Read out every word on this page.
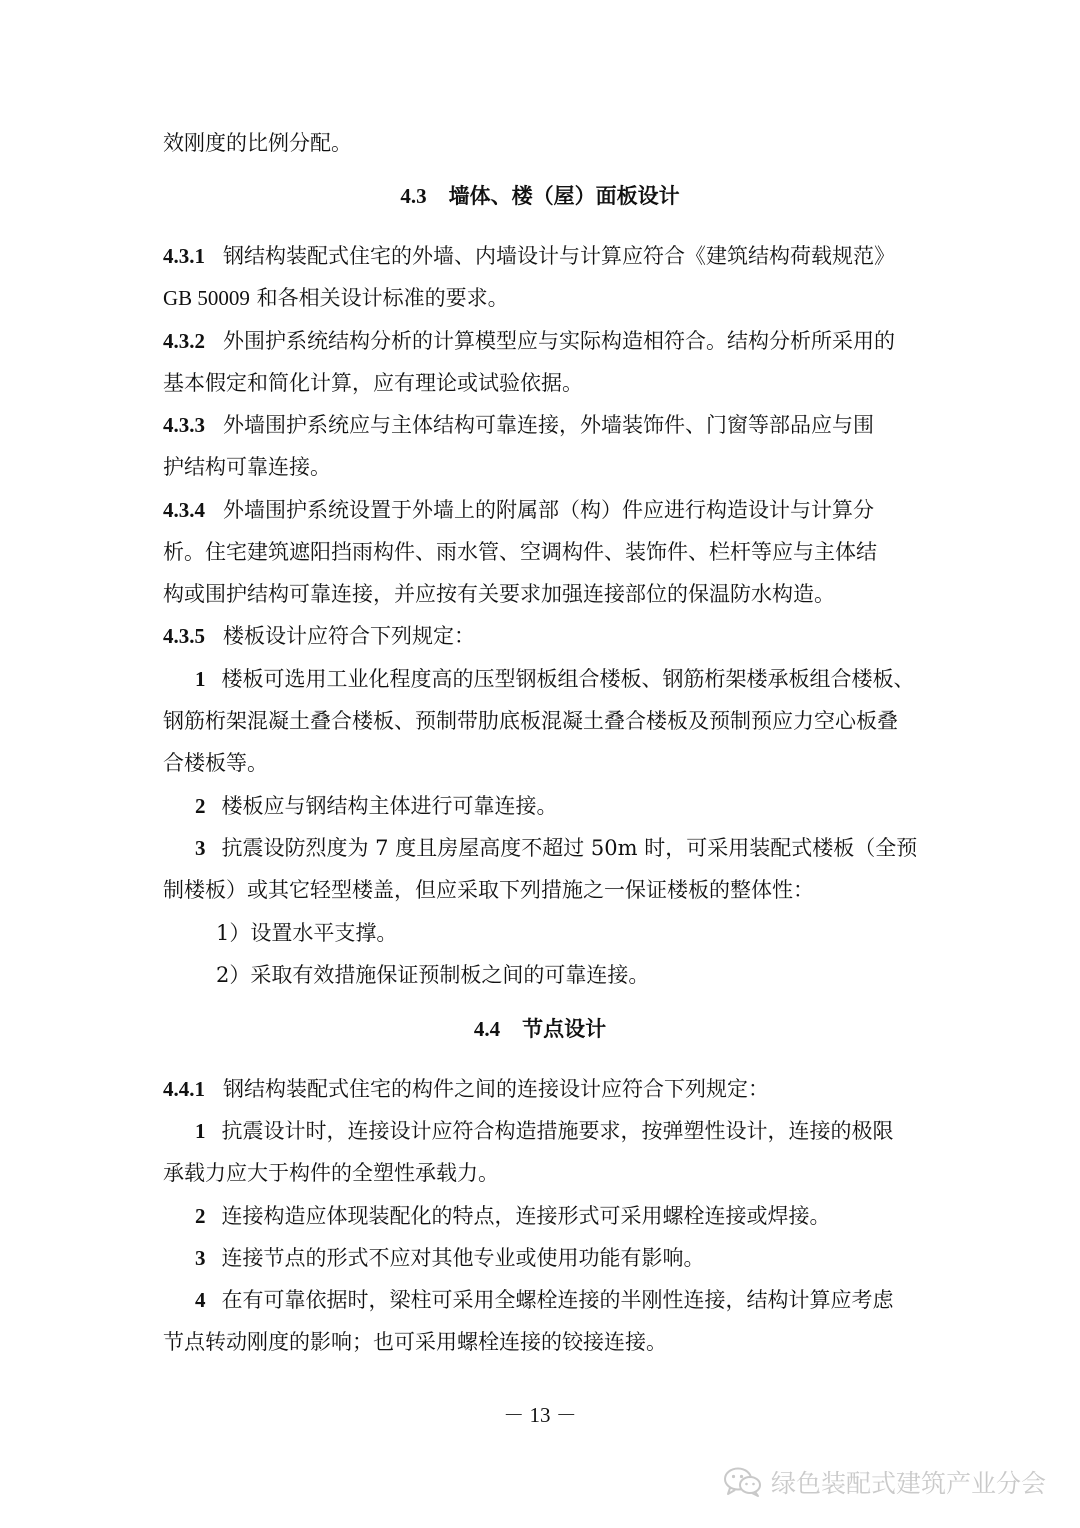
效刚度的比例分配。
4.3 墙体、楼（屋）面板设计
4.3.1 钢结构装配式住宅的外墙、内墙设计与计算应符合《建筑结构荷载规范》
GB 50009 和各相关设计标准的要求。
4.3.2 外围护系统结构分析的计算模型应与实际构造相符合。结构分析所采用的
基本假定和简化计算，应有理论或试验依据。
4.3.3 外墙围护系统应与主体结构可靠连接，外墙装饰件、门窗等部品应与围
护结构可靠连接。
4.3.4 外墙围护系统设置于外墙上的附属部（构）件应进行构造设计与计算分
析。住宅建筑遮阳挡雨构件、雨水管、空调构件、装饰件、栏杆等应与主体结
构或围护结构可靠连接，并应按有关要求加强连接部位的保温防水构造。
4.3.5 楼板设计应符合下列规定：
1 楼板可选用工业化程度高的压型钢板组合楼板、钢筋桁架楼承板组合楼板、
钢筋桁架混凝土叠合楼板、预制带肋底板混凝土叠合楼板及预制预应力空心板叠
合楼板等。
2 楼板应与钢结构主体进行可靠连接。
3 抗震设防烈度为 7 度且房屋高度不超过 50m 时，可采用装配式楼板（全预
制楼板）或其它轻型楼盖，但应采取下列措施之一保证楼板的整体性：
1）设置水平支撑。
2）采取有效措施保证预制板之间的可靠连接。
4.4 节点设计
4.4.1 钢结构装配式住宅的构件之间的连接设计应符合下列规定：
1 抗震设计时，连接设计应符合构造措施要求，按弹塑性设计，连接的极限
承载力应大于构件的全塑性承载力。
2 连接构造应体现装配化的特点，连接形式可采用螺栓连接或焊接。
3 连接节点的形式不应对其他专业或使用功能有影响。
4 在有可靠依据时，梁柱可采用全螺栓连接的半刚性连接，结构计算应考虑
节点转动刚度的影响；也可采用螺栓连接的铰接连接。
－ 13 －
绿色装配式建筑产业分会
